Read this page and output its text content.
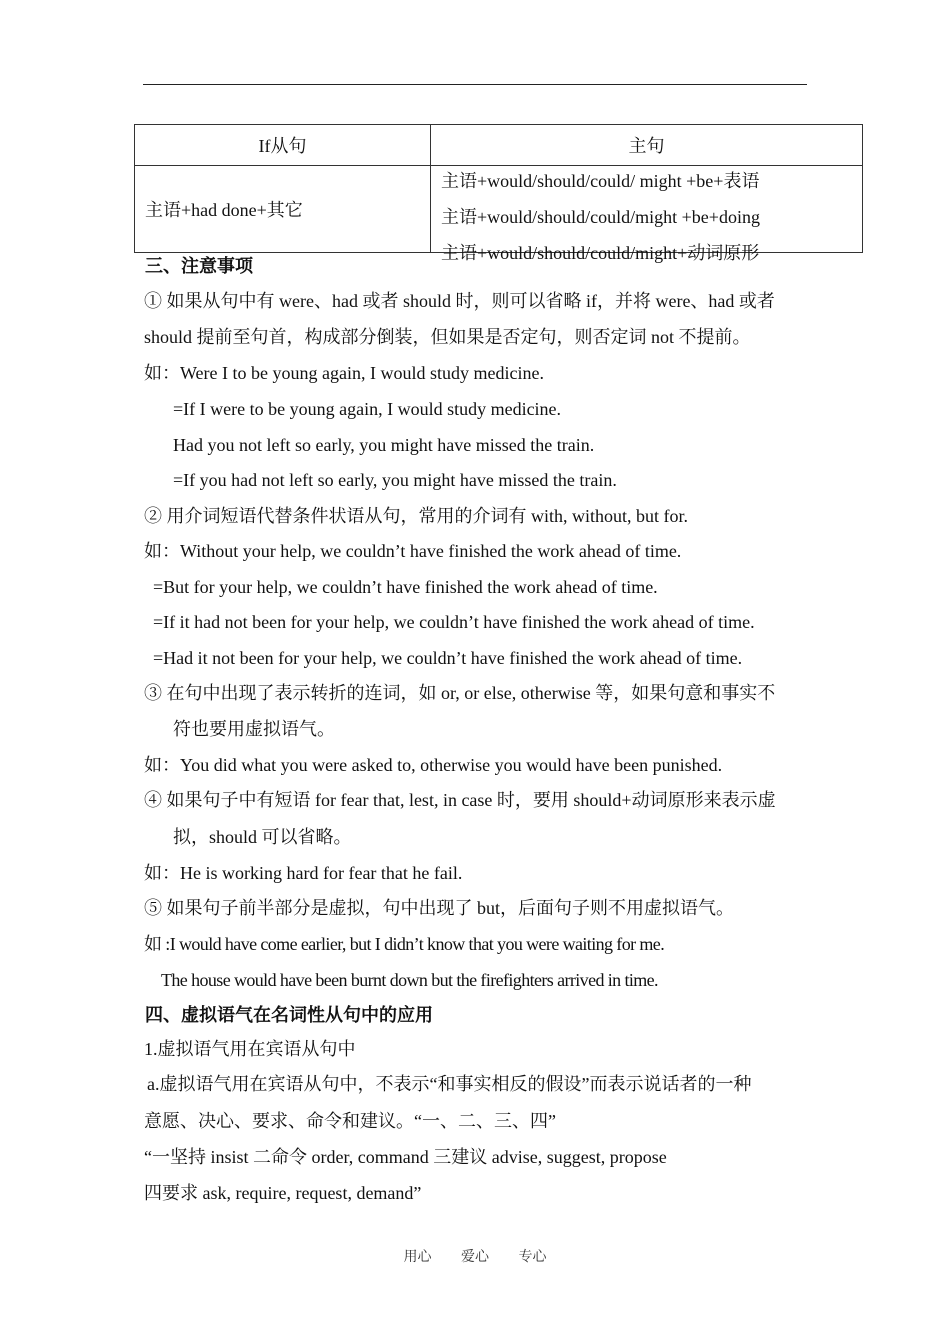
If从句	主句
主语+had done+其它	主语+would/should/could/ might +be+表语
主语+would/should/could/might +be+doing
主语+would/should/could/might+动词原形
三、注意事项
① 如果从句中有 were、had 或者 should 时，则可以省略 if，并将 were、had 或者
should 提前至句首，构成部分倒装，但如果是否定句，则否定词 not 不提前。
如：Were I to be young again, I would study medicine.
=If I were to be young again, I would study medicine.
Had you not left so early, you might have missed the train.
=If you had not left so early, you might have missed the train.
② 用介词短语代替条件状语从句，常用的介词有 with, without, but for.
如：Without your help, we couldn’t have finished the work ahead of time.
=But for your help, we couldn’t have finished the work ahead of time.
=If it had not been for your help, we couldn’t have finished the work ahead of time.
=Had it not been for your help, we couldn’t have finished the work ahead of time.
③ 在句中出现了表示转折的连词，如 or, or else, otherwise 等，如果句意和事实不
符也要用虚拟语气。
如：You did what you were asked to, otherwise you would have been punished.
④ 如果句子中有短语 for fear that, lest, in case 时，要用 should+动词原形来表示虚
拟，should 可以省略。
如：He is working hard for fear that he fail.
⑤ 如果句子前半部分是虚拟，句中出现了 but，后面句子则不用虚拟语气。
如 :I would have come earlier, but I didn’t know that you were waiting for me.
The house would have been burnt down but the firefighters arrived in time.
四、虚拟语气在名词性从句中的应用
1.虚拟语气用在宾语从句中
a.虚拟语气用在宾语从句中，不表示“和事实相反的假设”而表示说话者的一种
意愿、决心、要求、命令和建议。“一、二、三、四”
“一坚持 insist 二命令 order, command 三建议 advise, suggest, propose
四要求 ask, require, request, demand”
用心 爱心 专心
